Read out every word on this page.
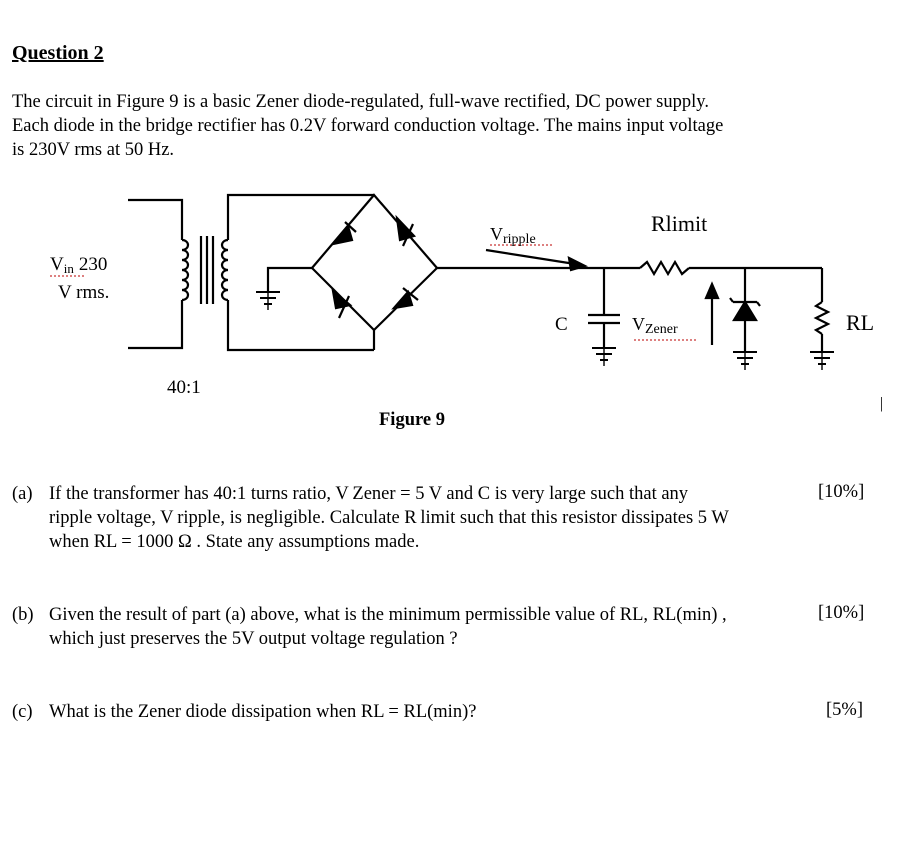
Question 2
The circuit in Figure 9 is a basic Zener diode-regulated, full-wave rectified, DC power supply.
Each diode in the bridge rectifier has 0.2V forward conduction voltage. The mains input voltage
is 230V rms at 50 Hz.
Vin 230
V rms.
40:1
Vripple
Rlimit
C	VZener	RL
|
Figure 9
(a) If the transformer has 40:1 turns ratio, V Zener = 5 V and C is very large such that any
ripple voltage, V ripple, is negligible. Calculate R limit such that this resistor dissipates 5 W
when RL = 1000 Ω . State any assumptions made.
[10%]
(b) Given the result of part (a) above, what is the minimum permissible value of RL, RL(min) ,
which just preserves the 5V output voltage regulation ?
[10%]
(c) What is the Zener diode dissipation when RL = RL(min)?	[5%]
